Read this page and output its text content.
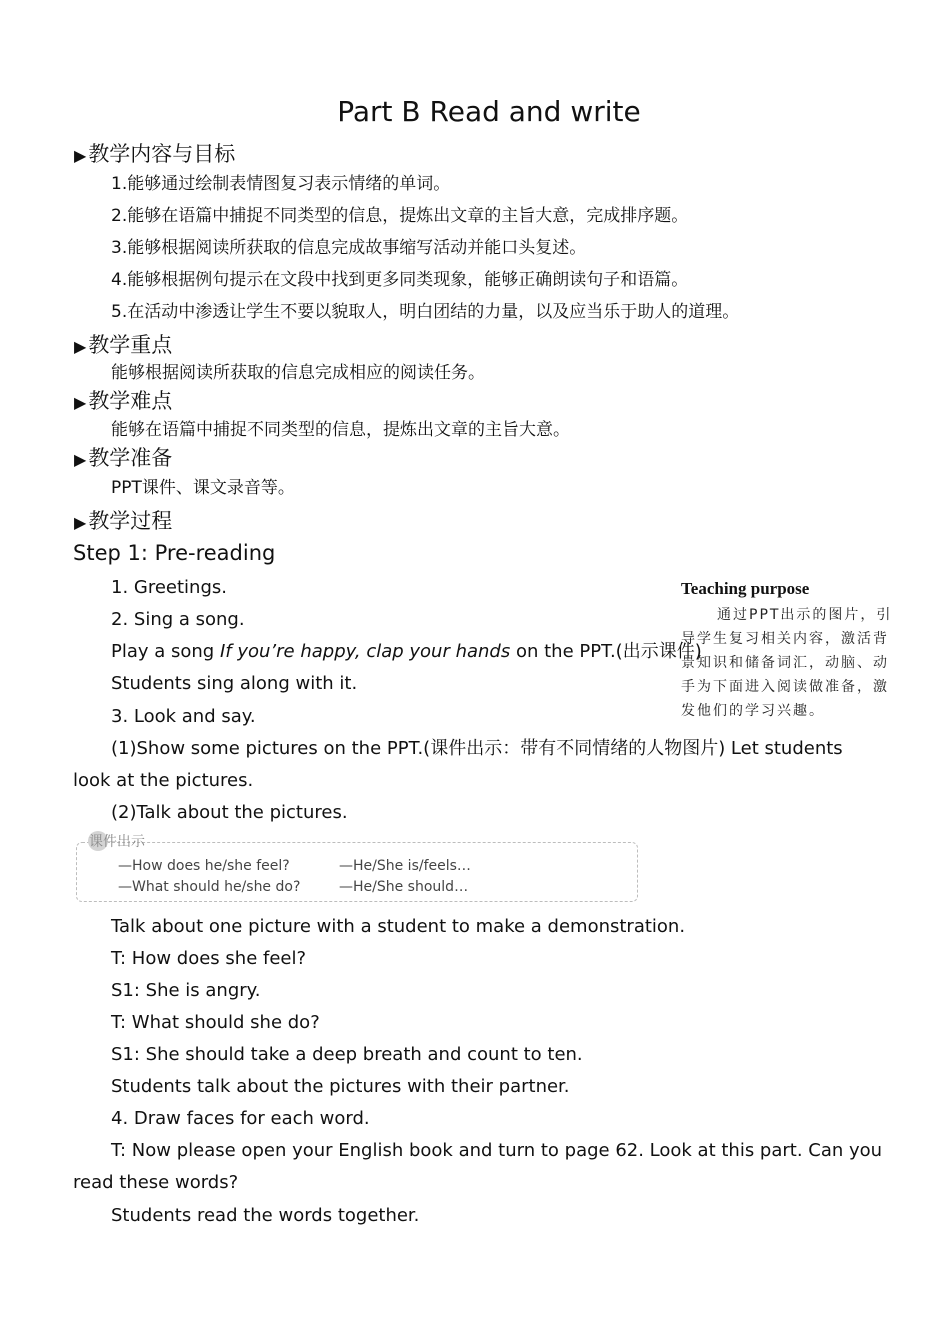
Part B Read and write
▶教学内容与目标
1.能够通过绘制表情图复习表示情绪的单词。
2.能够在语篇中捕捉不同类型的信息，提炼出文章的主旨大意，完成排序题。
3.能够根据阅读所获取的信息完成故事缩写活动并能口头复述。
4.能够根据例句提示在文段中找到更多同类现象，能够正确朗读句子和语篇。
5.在活动中渗透让学生不要以貌取人，明白团结的力量，以及应当乐于助人的道理。
▶教学重点
能够根据阅读所获取的信息完成相应的阅读任务。
▶教学难点
能够在语篇中捕捉不同类型的信息，提炼出文章的主旨大意。
▶教学准备
PPT课件、课文录音等。
▶教学过程
Step 1: Pre-reading
1. Greetings.
2. Sing a song.
Play a song If you’re happy, clap your hands on the PPT.(出示课件)
Students sing along with it.
3. Look and say.
(1)Show some pictures on the PPT.(课件出示：带有不同情绪的人物图片) Let students
look at the pictures.
(2)Talk about the pictures.
课件出示
—How does he/she feel?	—He/She is/feels…
—What should he/she do?	—He/She should…
Talk about one picture with a student to make a demonstration.
T: How does she feel?
S1: She is angry.
T: What should she do?
S1: She should take a deep breath and count to ten.
Students talk about the pictures with their partner.
4. Draw faces for each word.
T: Now please open your English book and turn to page 62. Look at this part. Can you
read these words?
Students read the words together.
Teaching purpose
通过PPT出示的图片，引导学生复习相关内容，激活背景知识和储备词汇，动脑、动手为下面进入阅读做准备，激发他们的学习兴趣。
